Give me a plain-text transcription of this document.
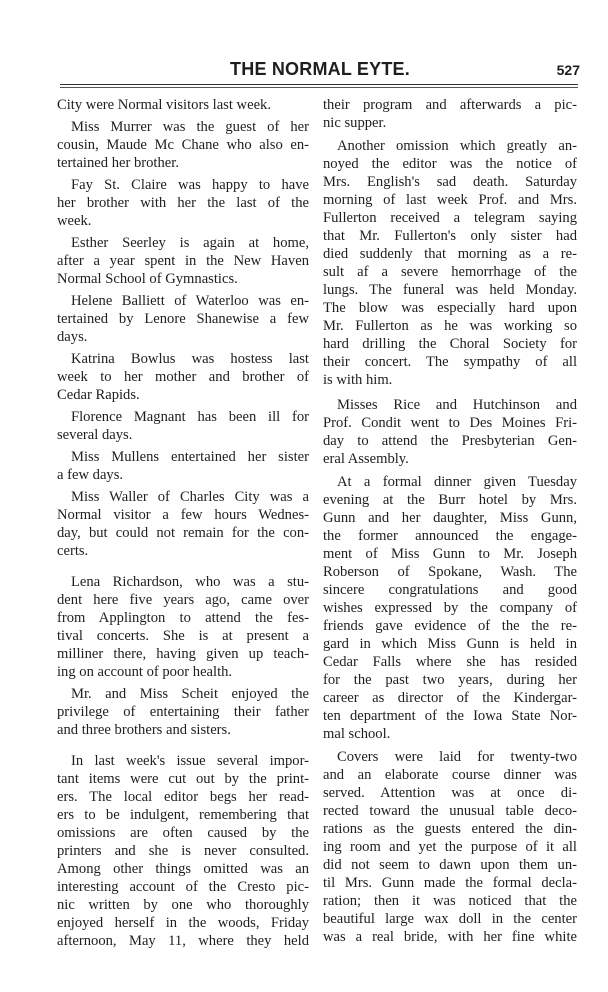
THE NORMAL EYTE.	527
City were Normal visitors last week.
Miss Murrer was the guest of her
cousin, Maude Mc Chane who also en-
tertained her brother.
Fay St. Claire was happy to have
her brother with her the last of the
week.
Esther Seerley is again at home,
after a year spent in the New Haven
Normal School of Gymnastics.
Helene Balliett of Waterloo was en-
tertained by Lenore Shanewise a few
days.
Katrina Bowlus was hostess last
week to her mother and brother of
Cedar Rapids.
Florence Magnant has been ill for
several days.
Miss Mullens entertained her sister
a few days.
Miss Waller of Charles City was a
Normal visitor a few hours Wednes-
day, but could not remain for the con-
certs.
Lena Richardson, who was a stu-
dent here five years ago, came over
from Applington to attend the fes-
tival concerts. She is at present a
milliner there, having given up teach-
ing on account of poor health.
Mr. and Miss Scheit enjoyed the
privilege of entertaining their father
and three brothers and sisters.
In last week's issue several impor-
tant items were cut out by the print-
ers. The local editor begs her read-
ers to be indulgent, remembering that
omissions are often caused by the
printers and she is never consulted.
Among other things omitted was an
interesting account of the Cresto pic-
nic written by one who thoroughly
enjoyed herself in the woods, Friday
afternoon, May 11, where they held
their program and afterwards a pic-
nic supper.
Another omission which greatly an-
noyed the editor was the notice of
Mrs. English's sad death. Saturday
morning of last week Prof. and Mrs.
Fullerton received a telegram saying
that Mr. Fullerton's only sister had
died suddenly that morning as a re-
sult af a severe hemorrhage of the
lungs. The funeral was held Monday.
The blow was especially hard upon
Mr. Fullerton as he was working so
hard drilling the Choral Society for
their concert. The sympathy of all
is with him.
Misses Rice and Hutchinson and
Prof. Condit went to Des Moines Fri-
day to attend the Presbyterian Gen-
eral Assembly.
At a formal dinner given Tuesday
evening at the Burr hotel by Mrs.
Gunn and her daughter, Miss Gunn,
the former announced the engage-
ment of Miss Gunn to Mr. Joseph
Roberson of Spokane, Wash. The
sincere congratulations and good
wishes expressed by the company of
friends gave evidence of the the re-
gard in which Miss Gunn is held in
Cedar Falls where she has resided
for the past two years, during her
career as director of the Kindergar-
ten department of the Iowa State Nor-
mal school.
Covers were laid for twenty-two
and an elaborate course dinner was
served. Attention was at once di-
rected toward the unusual table deco-
rations as the guests entered the din-
ing room and yet the purpose of it all
did not seem to dawn upon them un-
til Mrs. Gunn made the formal decla-
ration; then it was noticed that the
beautiful large wax doll in the center
was a real bride, with her fine white
